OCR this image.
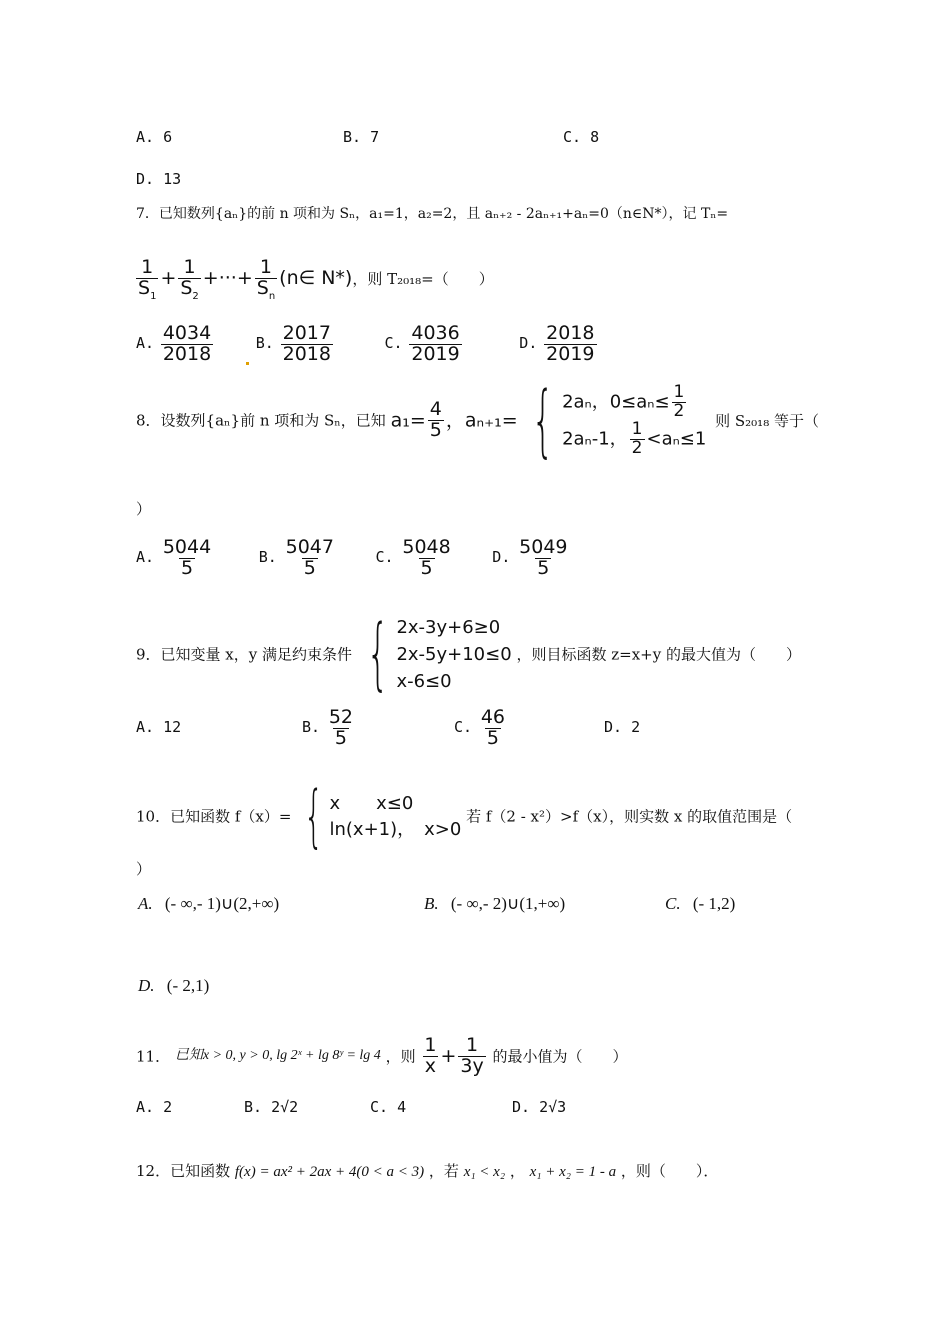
A. 6	B. 7	C. 8
D. 13
7．已知数列{aₙ}的前 n 项和为 Sₙ，a₁=1，a₂=2，且 aₙ₊₂ - 2aₙ₊₁+aₙ=0（n∈N*），记 Tₙ=
$\frac{1}{S_1} + \frac{1}{S_2}$ +···+ $\frac{1}{S_n}$ (n∈ N*)，则 T₂₀₁₈=（　　）
A. $\frac{4034}{2018}$	B. $\frac{2017}{2018}$	C. $\frac{4036}{2019}$	D. $\frac{2018}{2019}$
8．设数列{aₙ}前 n 项和为 Sₙ，已知 $a_1= \frac{4}{5}$ ，aₙ₊₁= { 2aₙ，$0\le a_n\le \frac{1}{2}$
2aₙ-1， $\frac{1}{2} <a_n\le 1$
则 S₂₀₁₈ 等于（
）
A. $\frac{5044}{5}$	B. $\frac{5047}{5}$	C. $\frac{5048}{5}$	D. $\frac{5049}{5}$
9．已知变量 x，y 满足约束条件 { 2x-3y+6≥0
2x-5y+10≤0
x-6≤0
，则目标函数 z=x+y 的最大值为（　　）
A. 12	B. $\frac{52}{5}$	C. $\frac{46}{5}$	D. 2
10．已知函数 f（x）= { x　　x≤0
ln(x+1)，　x>0
若 f（2 - x²）>f（x），则实数 x 的取值范围是（
）
A. (- ∞,- 1)∪(2,+∞)	B. (- ∞,- 2)∪(1,+∞)	C. (- 1,2)
D. (- 2,1)
11． 已知x > 0, y > 0, lg 2ˣ + lg 8ʸ = lg 4 ，则 $\frac{1}{x} + \frac{1}{3y}$ 的最小值为（　　）
A. 2	B. 2√2	C. 4	D. 2√3
12．已知函数 f(x) = ax² + 2ax + 4(0 < a < 3) ，若 x₁ < x₂ ， x₁ + x₂ = 1 - a ，则（　　）．
